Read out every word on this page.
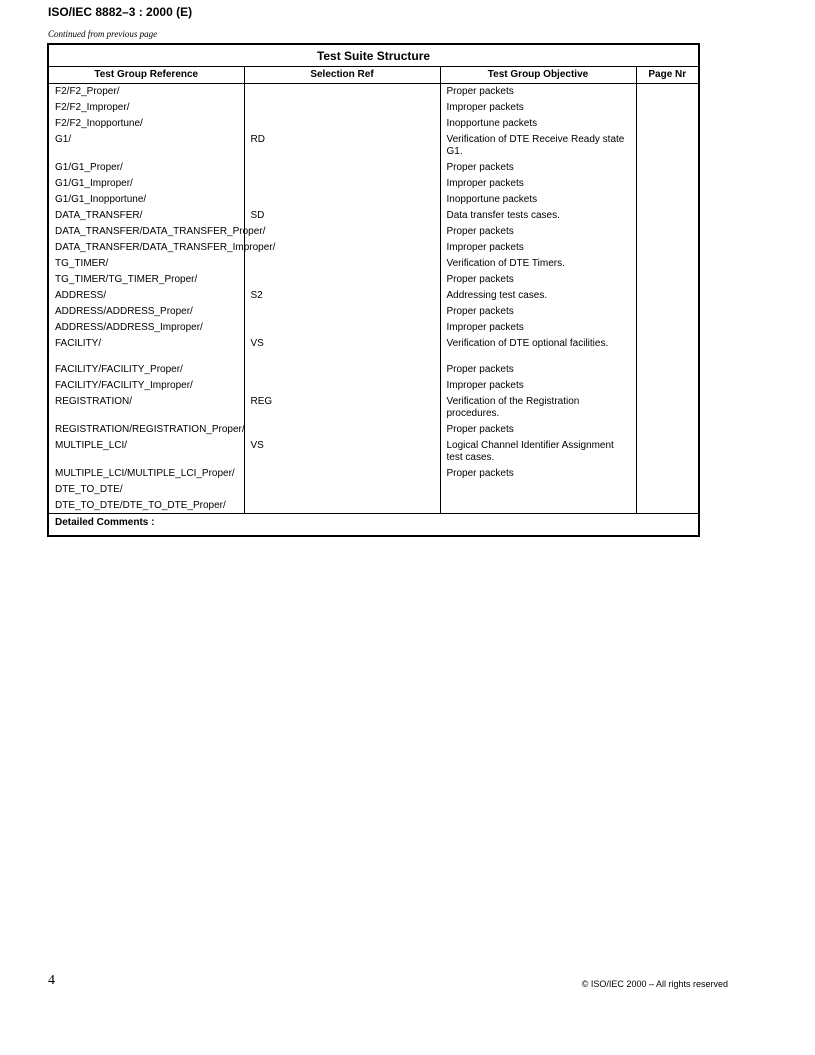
ISO/IEC 8882–3 : 2000 (E)
Continued from previous page
Test Suite Structure			
Test Group Reference	Selection Ref	Test Group Objective	Page Nr
F2/F2_Proper/		Proper packets	
F2/F2_Improper/		Improper packets	
F2/F2_Inopportune/		Inopportune packets	
G1/	RD	Verification of DTE Receive Ready state G1.	
G1/G1_Proper/		Proper packets	
G1/G1_Improper/		Improper packets	
G1/G1_Inopportune/		Inopportune packets	
DATA_TRANSFER/	SD	Data transfer tests cases.	
DATA_TRANSFER/DATA_TRANSFER_Proper/		Proper packets	
DATA_TRANSFER/DATA_TRANSFER_Improper/		Improper packets	
TG_TIMER/		Verification of DTE Timers.	
TG_TIMER/TG_TIMER_Proper/		Proper packets	
ADDRESS/	S2	Addressing test cases.	
ADDRESS/ADDRESS_Proper/		Proper packets	
ADDRESS/ADDRESS_Improper/		Improper packets	
FACILITY/	VS	Verification of DTE optional facilities.	
FACILITY/FACILITY_Proper/		Proper packets	
FACILITY/FACILITY_Improper/		Improper packets	
REGISTRATION/	REG	Verification of the Registration procedures.	
REGISTRATION/REGISTRATION_Proper/		Proper packets	
MULTIPLE_LCI/	VS	Logical Channel Identifier Assignment test cases.	
MULTIPLE_LCI/MULTIPLE_LCI_Proper/		Proper packets	
DTE_TO_DTE/			
DTE_TO_DTE/DTE_TO_DTE_Proper/			
Detailed Comments :			
4	© ISO/IEC 2000 – All rights reserved
